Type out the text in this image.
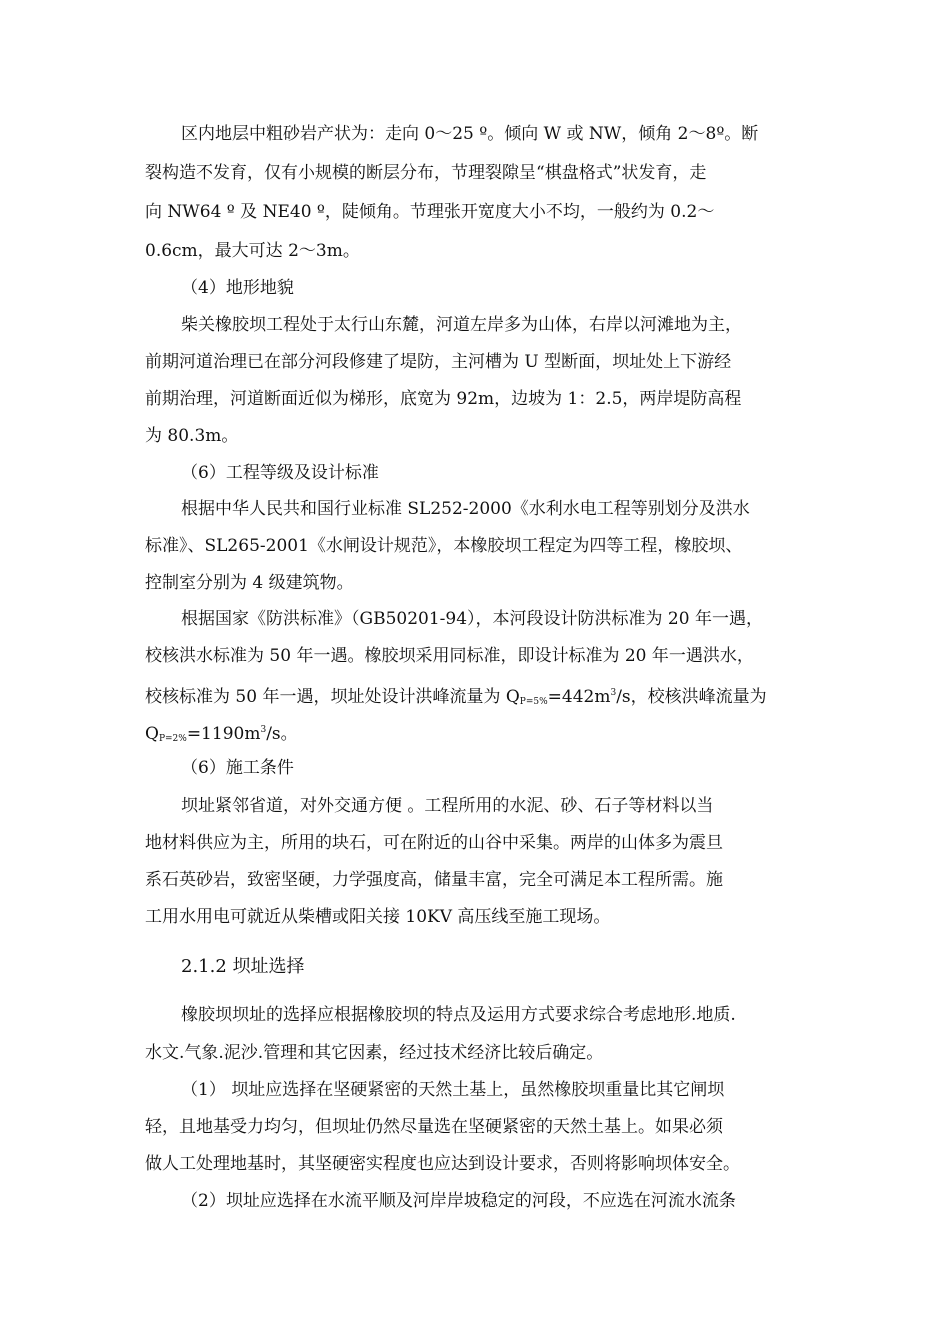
区内地层中粗砂岩产状为：走向 0～25 º。倾向 W 或 NW，倾角 2～8º。断
裂构造不发育，仅有小规模的断层分布，节理裂隙呈“棋盘格式”状发育，走
向 NW64 º 及 NE40 º，陡倾角。节理张开宽度大小不均，一般约为 0.2～
0.6cm，最大可达 2～3m。
（4）地形地貌
柴关橡胶坝工程处于太行山东麓，河道左岸多为山体，右岸以河滩地为主，
前期河道治理已在部分河段修建了堤防，主河槽为 U 型断面，坝址处上下游经
前期治理，河道断面近似为梯形，底宽为 92m，边坡为 1：2.5，两岸堤防高程
为 80.3m。
（6）工程等级及设计标准
根据中华人民共和国行业标准 SL252-2000《水利水电工程等别划分及洪水
标准》、SL265-2001《水闸设计规范》，本橡胶坝工程定为四等工程，橡胶坝、
控制室分别为 4 级建筑物。
根据国家《防洪标准》（GB50201-94），本河段设计防洪标准为 20 年一遇，
校核洪水标准为 50 年一遇。橡胶坝采用同标准，即设计标准为 20 年一遇洪水，
校核标准为 50 年一遇，坝址处设计洪峰流量为 $Q_{P=5\%}=442m^3/s$，校核洪峰流量为
$Q_{P=2\%}=1190m^3/s$。
（6）施工条件
坝址紧邻省道，对外交通方便 。工程所用的水泥、砂、石子等材料以当
地材料供应为主，所用的块石，可在附近的山谷中采集。两岸的山体多为震旦
系石英砂岩，致密坚硬，力学强度高，储量丰富，完全可满足本工程所需。施
工用水用电可就近从柴槽或阳关接 10KV 高压线至施工现场。
2.1.2 坝址选择
橡胶坝坝址的选择应根据橡胶坝的特点及运用方式要求综合考虑地形.地质.
水文.气象.泥沙.管理和其它因素，经过技术经济比较后确定。
（1） 坝址应选择在坚硬紧密的天然土基上，虽然橡胶坝重量比其它闸坝
轻，且地基受力均匀，但坝址仍然尽量选在坚硬紧密的天然土基上。如果必须
做人工处理地基时，其坚硬密实程度也应达到设计要求，否则将影响坝体安全。
（2）坝址应选择在水流平顺及河岸岸坡稳定的河段，不应选在河流水流条
